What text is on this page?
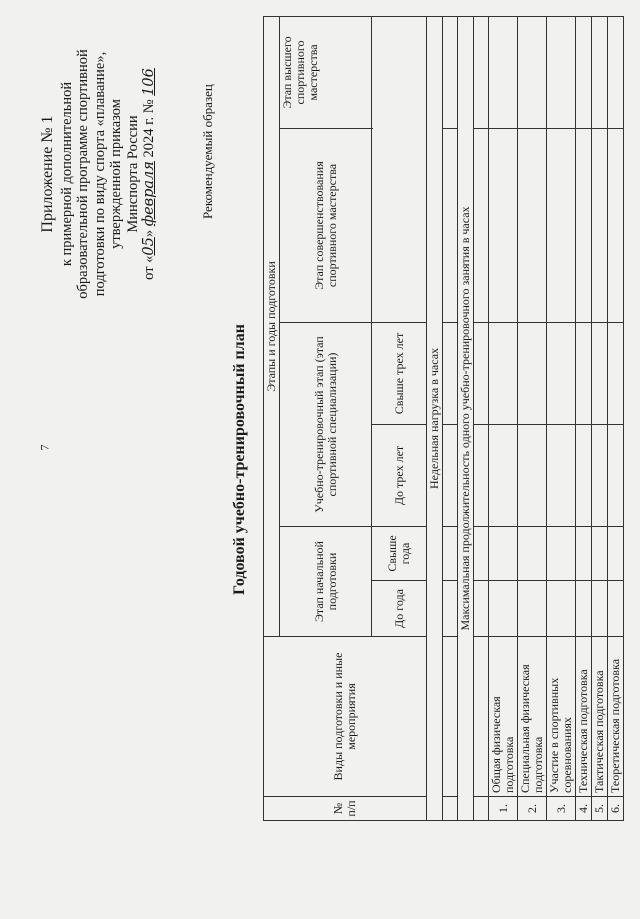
7
Приложение № 1 к примерной дополнительной образовательной программе спортивной подготовки по виду спорта «плавание», утвержденной приказом Минспорта России
от «05» февраля 2024 г. № 106
Рекомендуемый образец
Годовой учебно-тренировочный план
№ п/п	Виды подготовки и иные мероприятия	Этапы и годы подготовки					
		Этап начальной подготовки		Учебно-тренировочный этап (этап спортивной специализации)		Этап совершенствования спортивного мастерства	Этап высшего спортивного мастерства
		До года	Свыше года	До трех лет	Свыше трех лет		

Недельная нагрузка в часах							

Максимальная продолжительность одного учебно-тренировочного занятия в часах							

1.	Общая физическая подготовка						
2.	Специальная физическая подготовка						
3.	Участие в спортивных соревнованиях						
4.	Техническая подготовка						
5.	Тактическая подготовка						
6.	Теоретическая подготовка						
